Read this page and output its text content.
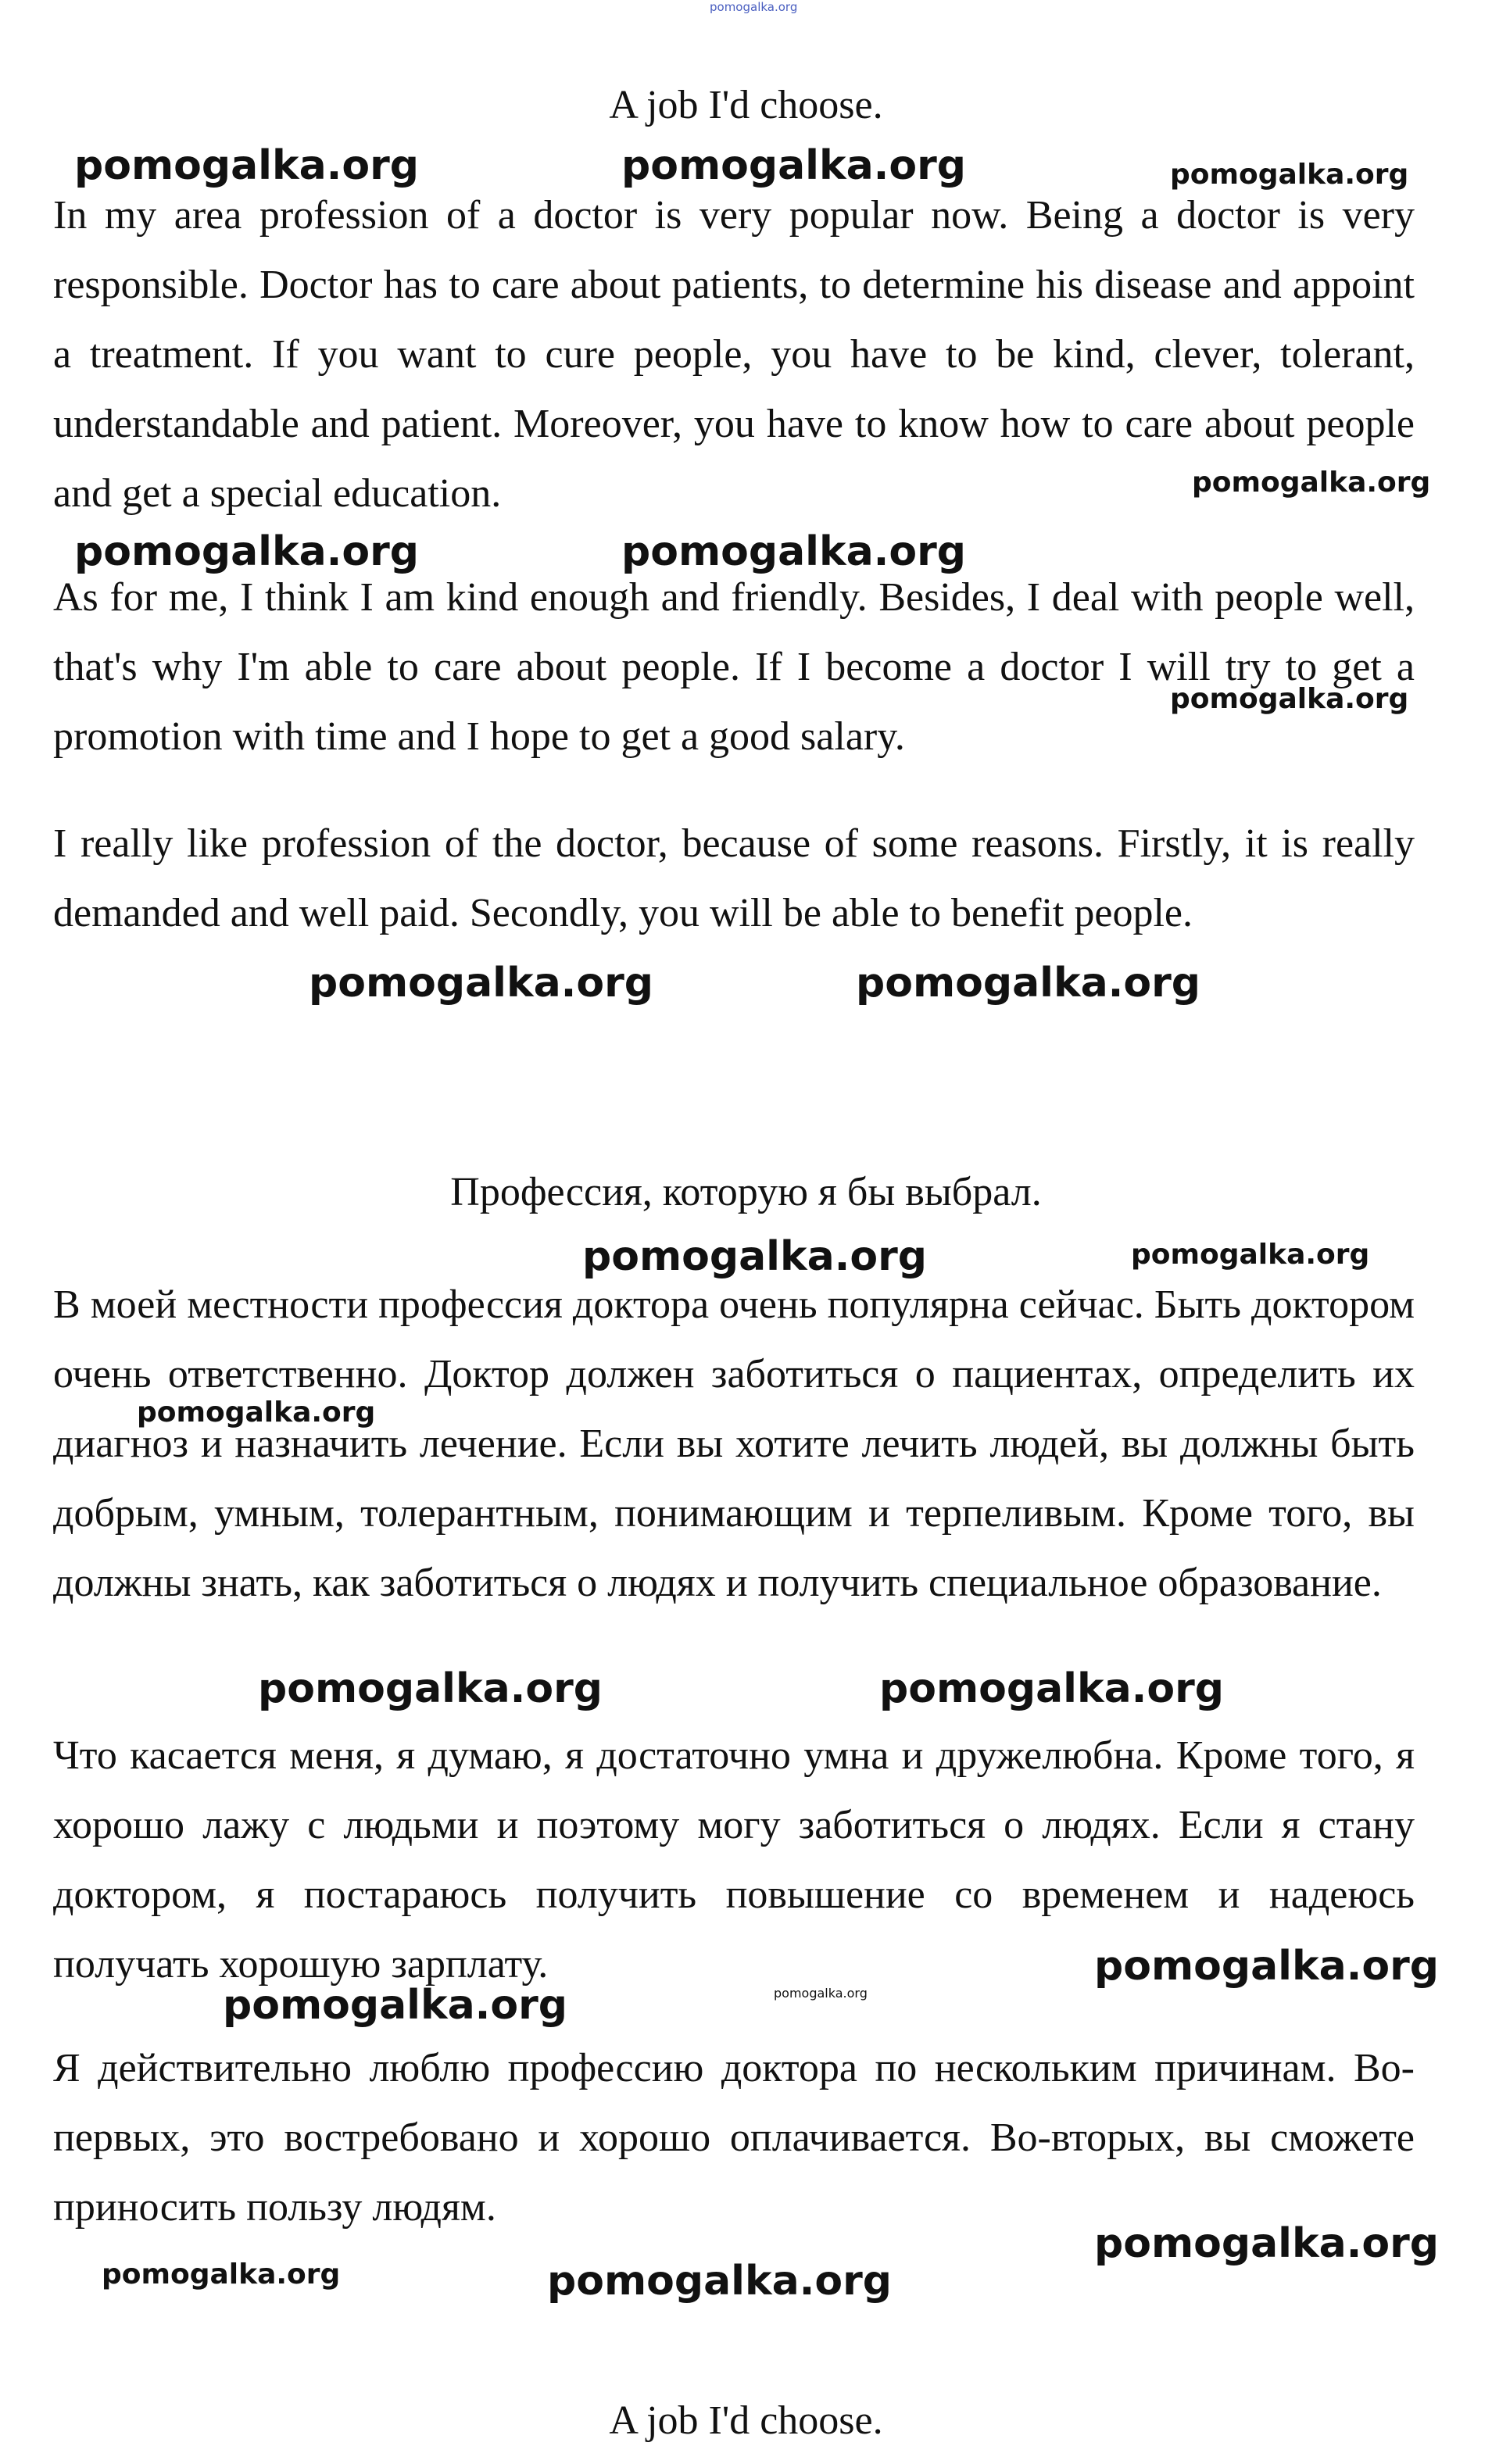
A job I'd choose.

In my area profession of a doctor is very popular now. Being a doctor is very responsible. Doctor has to care about patients, to determine his disease and appoint a treatment. If you want to cure people, you have to be kind, clever, tolerant, understandable and patient. Moreover, you have to know how to care about people and get a special education.

As for me, I think I am kind enough and friendly. Besides, I deal with people well, that's why I'm able to care about people. If I become a doctor I will try to get a promotion with time and I hope to get a good salary.

I really like profession of the doctor, because of some reasons. Firstly, it is really demanded and well paid. Secondly, you will be able to benefit people.

Профессия, которую я бы выбрал.

В моей местности профессия доктора очень популярна сейчас. Быть доктором очень ответственно. Доктор должен заботиться о пациентах, определить их диагноз и назначить лечение. Если вы хотите лечить людей, вы должны быть добрым, умным, толерантным, понимающим и терпеливым. Кроме того, вы должны знать, как заботиться о людях и получить специальное образование.

Что касается меня, я думаю, я достаточно умна и дружелюбна. Кроме того, я хорошо лажу с людьми и поэтому могу заботиться о людях. Если я стану доктором, я постараюсь получить повышение со временем и надеюсь получать хорошую зарплату.

Я действительно люблю профессию доктора по нескольким причинам. Во-первых, это востребовано и хорошо оплачивается. Во-вторых, вы сможете приносить пользу людям.

A job I'd choose.
pomogalka.org
pomogalka.org	pomogalka.org	pomogalka.org
pomogalka.org
pomogalka.org	pomogalka.org
pomogalka.org
pomogalka.org	pomogalka.org
pomogalka.org	pomogalka.org
pomogalka.org
pomogalka.org	pomogalka.org
pomogalka.org
pomogalka.org
pomogalka.org
pomogalka.org
pomogalka.org	pomogalka.org
